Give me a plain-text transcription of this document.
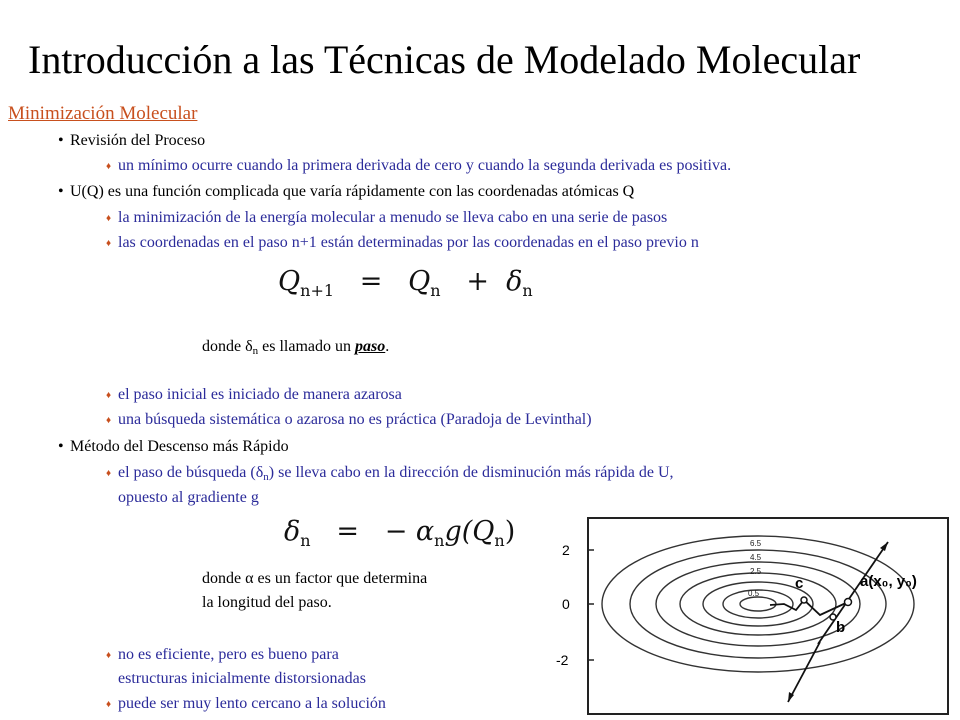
Introducción a las Técnicas de Modelado Molecular
Minimización Molecular
• Revisión del Proceso
♦ un mínimo ocurre cuando la primera derivada de cero y cuando la segunda derivada es positiva.
• U(Q) es una función complicada que varía rápidamente con las coordenadas atómicas Q
♦ la minimización de la energía molecular a menudo se lleva cabo en una serie de pasos
♦ las coordenadas en el paso n+1 están determinadas por las coordenadas en el paso previo n
$Q_{n+1} = Q_n + \delta_n$
donde $\delta_n$ es llamado un paso.
♦ el paso inicial es iniciado de manera azarosa
♦ una búsqueda sistemática o azarosa no es práctica (Paradoja de Levinthal)
• Método del Descenso más Rápido
♦ el paso de búsqueda $(\delta_n)$ se lleva cabo en la dirección de disminución más rápida de U,
opuesto al gradiente g
$\delta_n$ = − $\alpha_ng(Q_n)$
donde α es un factor que determina
la longitud del paso.
♦ no es eficiente, pero es bueno para
estructuras inicialmente distorsionadas
♦ puede ser muy lento cercano a la solución
2
0
-2
6.5
4.5
2.5
0.5
a(x₀, y₀)
b
c
